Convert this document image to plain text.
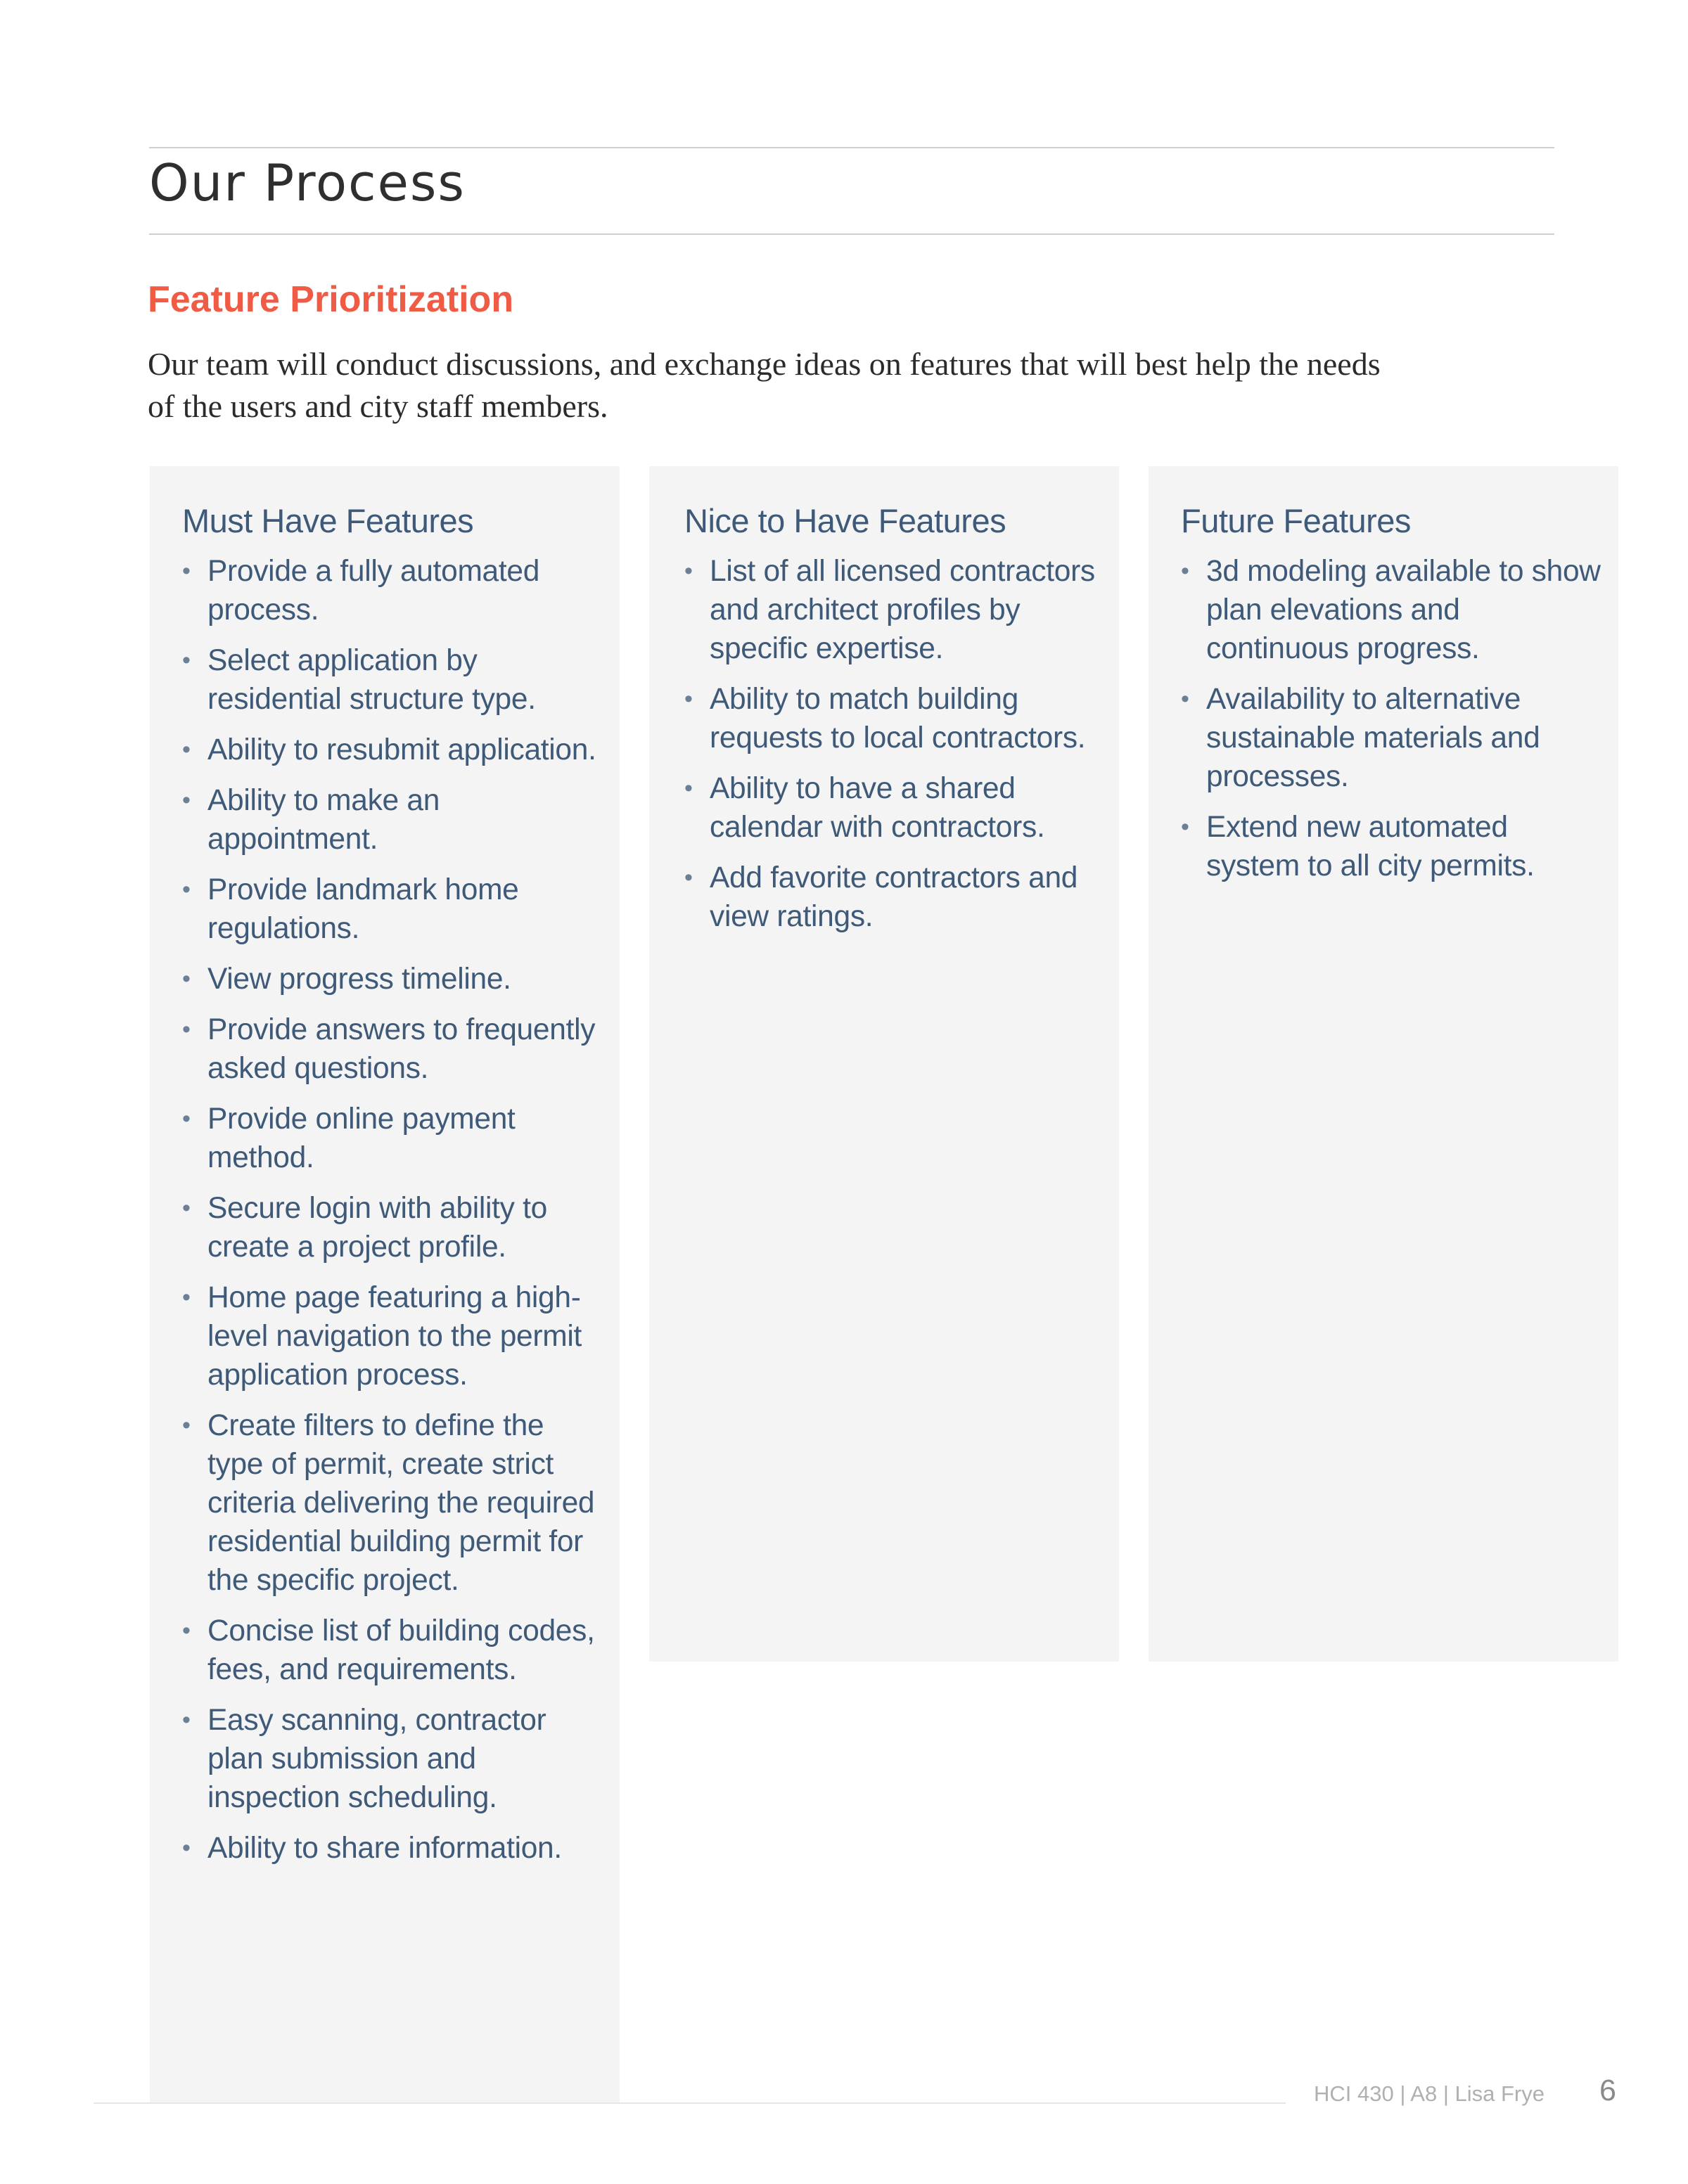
Our Process
Feature Prioritization
Our team will conduct discussions, and exchange ideas on features that will best help the needs of the users and city staff members.
Must Have Features
• Provide a fully automated process.
• Select application by residential structure type.
• Ability to resubmit application.
• Ability to make an appointment.
• Provide landmark home regulations.
• View progress timeline.
• Provide answers to frequently asked questions.
• Provide online payment method.
• Secure login with ability to create a project profile.
• Home page featuring a high-level navigation to the permit application process.
• Create filters to define the type of permit, create strict criteria delivering the required residential building permit for the specific project.
• Concise list of building codes, fees, and requirements.
• Easy scanning, contractor plan submission and inspection scheduling.
• Ability to share information.
Nice to Have Features
• List of all licensed contractors and architect profiles by specific expertise.
• Ability to match building requests to local contractors.
• Ability to have a shared calendar with contractors.
• Add favorite contractors and view ratings.
Future Features
• 3d modeling available to show plan elevations and continuous progress.
• Availability to alternative sustainable materials and processes.
• Extend new automated system to all city permits.
HCI 430 | A8 | Lisa Frye 6
